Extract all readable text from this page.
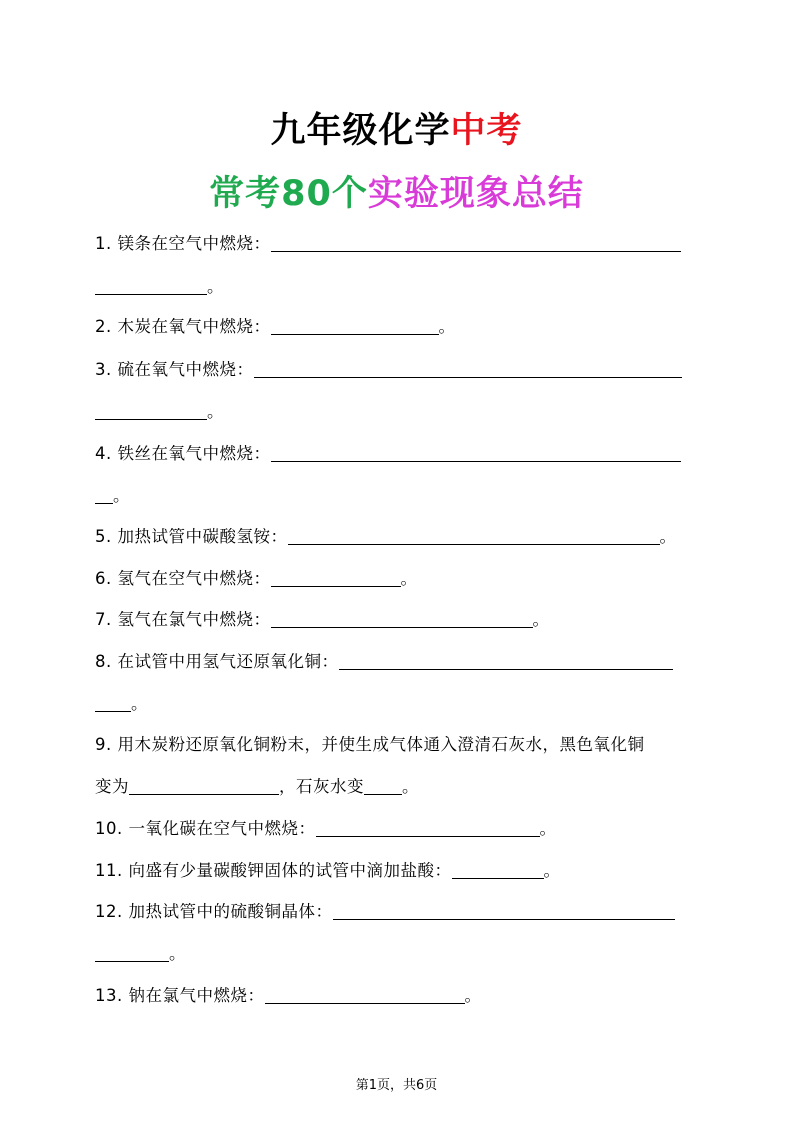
九年级化学中考
常考80个实验现象总结
1. 镁条在空气中燃烧：
。
2. 木炭在氧气中燃烧：	。
3. 硫在氧气中燃烧：
。
4. 铁丝在氧气中燃烧：
。
5. 加热试管中碳酸氢铵：	。
6. 氢气在空气中燃烧：	。
7. 氢气在氯气中燃烧：	。
8. 在试管中用氢气还原氧化铜：
。
9. 用木炭粉还原氧化铜粉末，并使生成气体通入澄清石灰水，黑色氧化铜
变为	，石灰水变 。
10. 一氧化碳在空气中燃烧：	。
11. 向盛有少量碳酸钾固体的试管中滴加盐酸：	。
12. 加热试管中的硫酸铜晶体：
。
13. 钠在氯气中燃烧：	。
第1页，共6页
